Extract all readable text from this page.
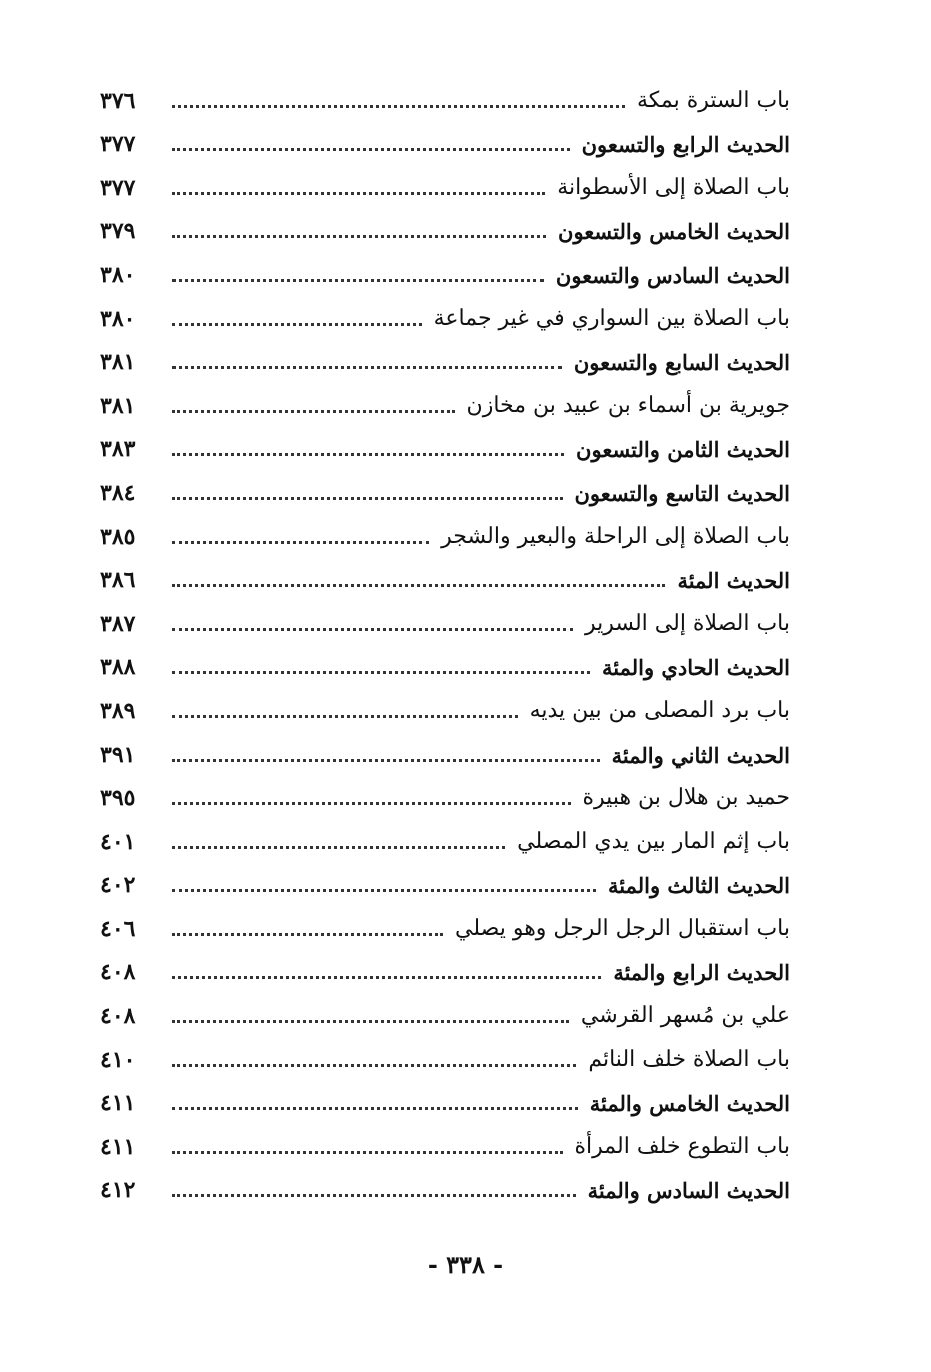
باب السترة بمكة
٣٧٦
الحديث الرابع والتسعون
٣٧٧
باب الصلاة إلى الأسطوانة
٣٧٧
الحديث الخامس والتسعون
٣٧٩
الحديث السادس والتسعون
٣٨٠
باب الصلاة بين السواري في غير جماعة
٣٨٠
الحديث السابع والتسعون
٣٨١
جويرية بن أسماء بن عبيد بن مخازن
٣٨١
الحديث الثامن والتسعون
٣٨٣
الحديث التاسع والتسعون
٣٨٤
باب الصلاة إلى الراحلة والبعير والشجر
٣٨٥
الحديث المئة
٣٨٦
باب الصلاة إلى السرير
٣٨٧
الحديث الحادي والمئة
٣٨٨
باب برد المصلى من بين يديه
٣٨٩
الحديث الثاني والمئة
٣٩١
حميد بن هلال بن هبيرة
٣٩٥
باب إثم المار بين يدي المصلي
٤٠١
الحديث الثالث والمئة
٤٠٢
باب استقبال الرجل الرجل وهو يصلي
٤٠٦
الحديث الرابع والمئة
٤٠٨
علي بن مُسهر القرشي
٤٠٨
باب الصلاة خلف النائم
٤١٠
الحديث الخامس والمئة
٤١١
باب التطوع خلف المرأة
٤١١
الحديث السادس والمئة
٤١٢
- ٣٣٨ -
